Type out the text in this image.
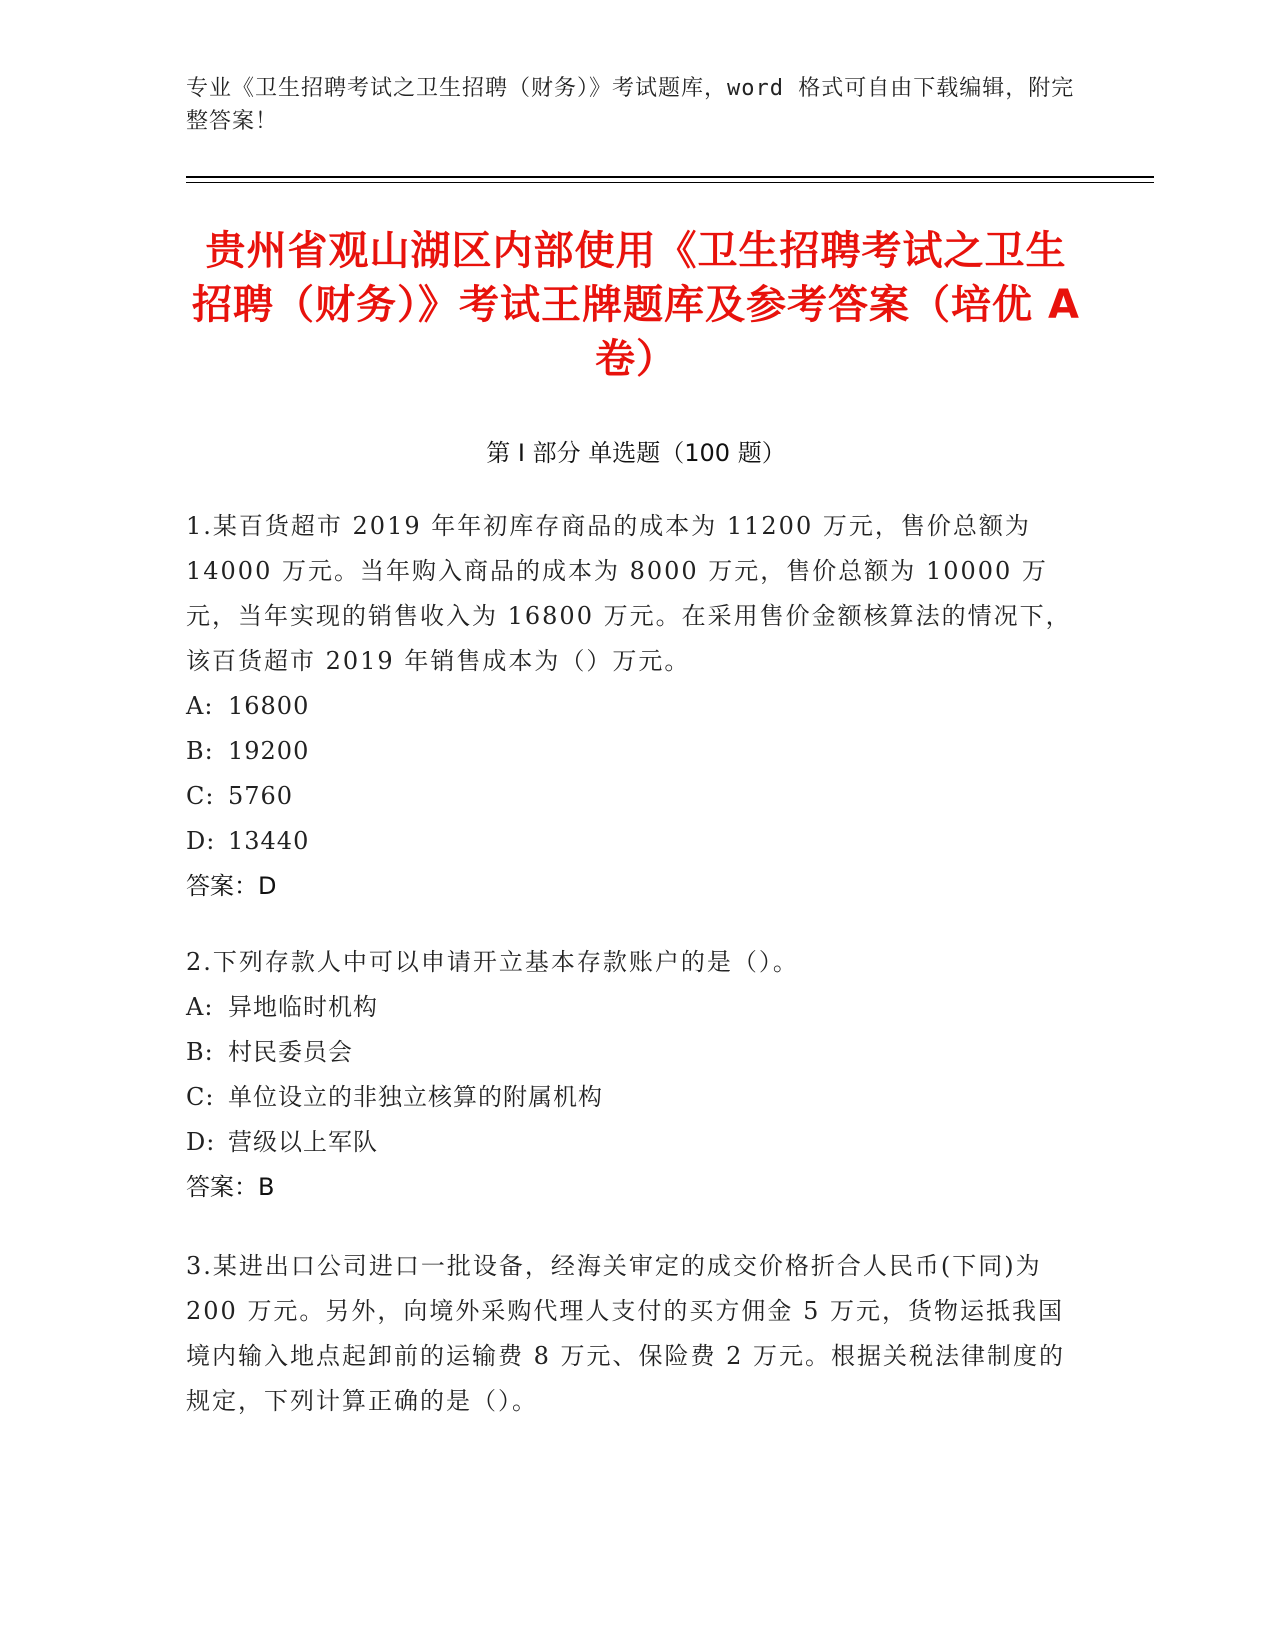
专业《卫生招聘考试之卫生招聘（财务）》考试题库，word 格式可自由下载编辑，附完整答案！
贵州省观山湖区内部使用《卫生招聘考试之卫生招聘（财务）》考试王牌题库及参考答案（培优 A 卷）
第 I 部分 单选题（100 题）

1.某百货超市 2019 年年初库存商品的成本为 11200 万元，售价总额为 14000 万元。当年购入商品的成本为 8000 万元，售价总额为 10000 万元，当年实现的销售收入为 16800 万元。在采用售价金额核算法的情况下，该百货超市 2019 年销售成本为（）万元。

A: 16800

B: 19200

C: 5760

D: 13440

答案：D

2.下列存款人中可以申请开立基本存款账户的是（）。

A: 异地临时机构

B: 村民委员会

C: 单位设立的非独立核算的附属机构

D: 营级以上军队

答案：B

3.某进出口公司进口一批设备，经海关审定的成交价格折合人民币(下同)为 200 万元。另外，向境外采购代理人支付的买方佣金 5 万元，货物运抵我国境内输入地点起卸前的运输费 8 万元、保险费 2 万元。根据关税法律制度的规定，下列计算正确的是（）。
